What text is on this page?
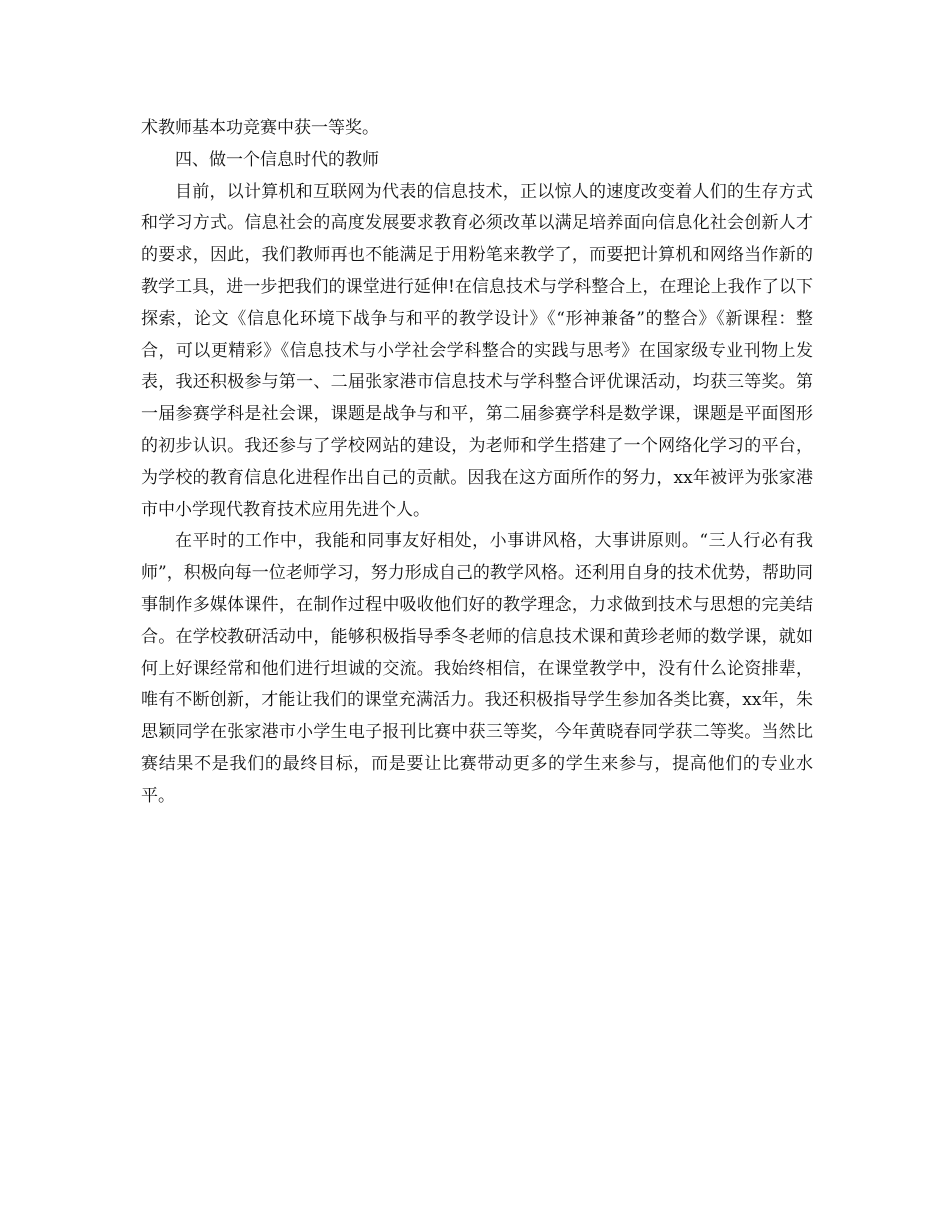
术教师基本功竞赛中获一等奖。

四、做一个信息时代的教师

目前，以计算机和互联网为代表的信息技术，正以惊人的速度改变着人们的生存方式和学习方式。信息社会的高度发展要求教育必须改革以满足培养面向信息化社会创新人才的要求，因此，我们教师再也不能满足于用粉笔来教学了，而要把计算机和网络当作新的教学工具，进一步把我们的课堂进行延伸!在信息技术与学科整合上，在理论上我作了以下探索，论文《信息化环境下战争与和平的教学设计》《“形神兼备”的整合》《新课程：整合，可以更精彩》《信息技术与小学社会学科整合的实践与思考》在国家级专业刊物上发表，我还积极参与第一、二届张家港市信息技术与学科整合评优课活动，均获三等奖。第一届参赛学科是社会课，课题是战争与和平，第二届参赛学科是数学课，课题是平面图形的初步认识。我还参与了学校网站的建设，为老师和学生搭建了一个网络化学习的平台，为学校的教育信息化进程作出自己的贡献。因我在这方面所作的努力，xx年被评为张家港市中小学现代教育技术应用先进个人。

在平时的工作中，我能和同事友好相处，小事讲风格，大事讲原则。“三人行必有我师”，积极向每一位老师学习，努力形成自己的教学风格。还利用自身的技术优势，帮助同事制作多媒体课件，在制作过程中吸收他们好的教学理念，力求做到技术与思想的完美结合。在学校教研活动中，能够积极指导季冬老师的信息技术课和黄珍老师的数学课，就如何上好课经常和他们进行坦诚的交流。我始终相信，在课堂教学中，没有什么论资排辈，唯有不断创新，才能让我们的课堂充满活力。我还积极指导学生参加各类比赛，xx年，朱思颖同学在张家港市小学生电子报刊比赛中获三等奖，今年黄晓春同学获二等奖。当然比赛结果不是我们的最终目标，而是要让比赛带动更多的学生来参与，提高他们的专业水平。
